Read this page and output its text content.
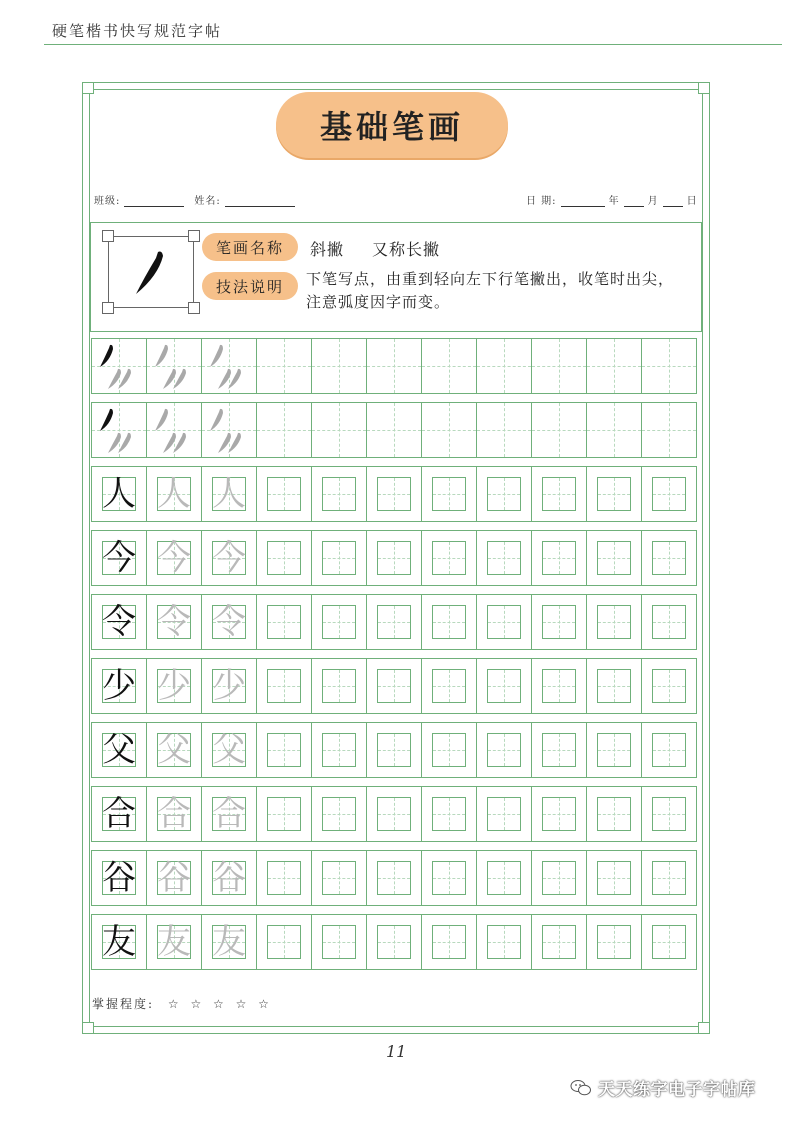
硬笔楷书快写规范字帖
基础笔画
班级:	姓名:	日 期:	年	月	日
笔画名称	斜撇 又称长撇
技法说明	下笔写点，由重到轻向左下行笔撇出，收笔时出尖，注意弧度因字而变。
人 人 人
今 今 今
令 令 令
少 少 少
父 父 父
合 合 合
谷 谷 谷
友 友 友
掌握程度: ☆ ☆ ☆ ☆ ☆
11
天天练字电子字帖库
